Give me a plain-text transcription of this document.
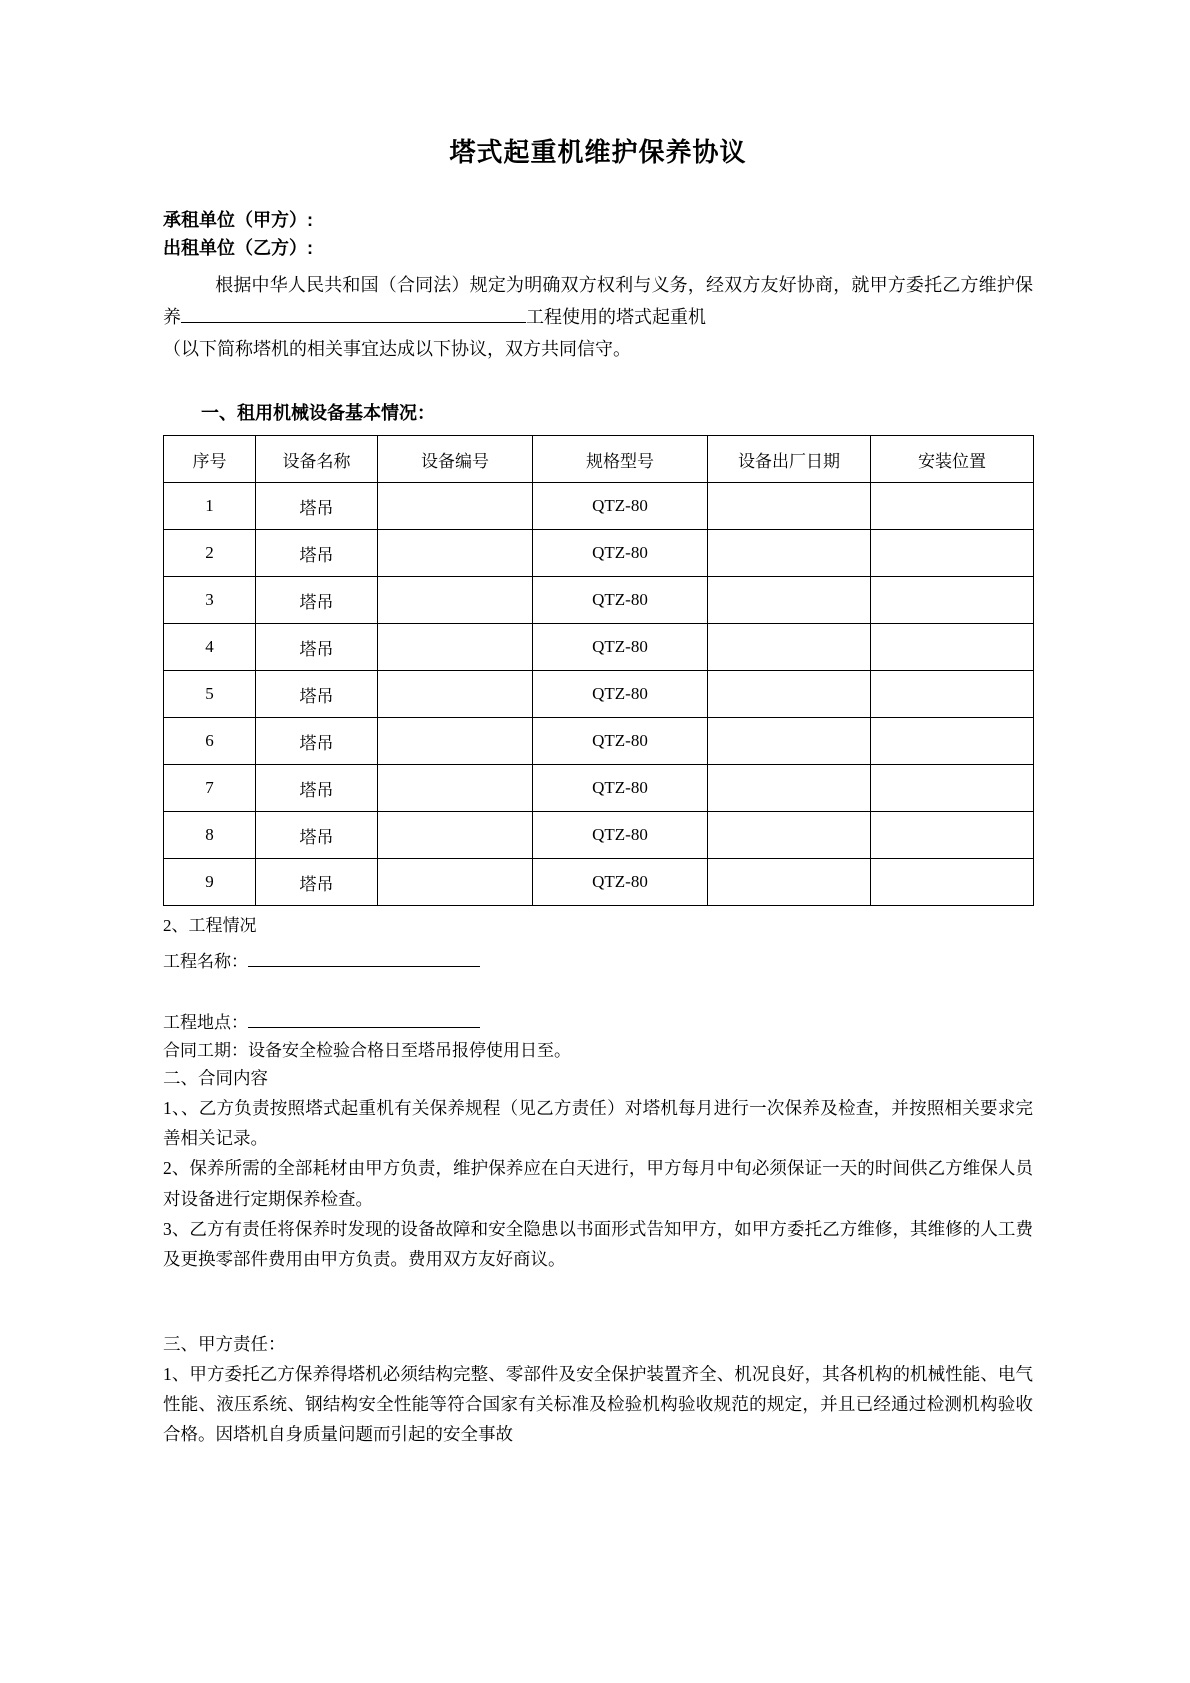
塔式起重机维护保养协议
承租单位（甲方）:
出租单位（乙方）:
根据中华人民共和国（合同法）规定为明确双方权利与义务，经双方友好协商，就甲方委托乙方维护保养	工程使用的塔式起重机
（以下简称塔机的相关事宜达成以下协议，双方共同信守。
一、租用机械设备基本情况：
序号	设备名称	设备编号	规格型号	设备出厂日期	安装位置
1	塔吊		QTZ-80		
2	塔吊		QTZ-80		
3	塔吊		QTZ-80		
4	塔吊		QTZ-80		
5	塔吊		QTZ-80		
6	塔吊		QTZ-80		
7	塔吊		QTZ-80		
8	塔吊		QTZ-80		
9	塔吊		QTZ-80		
2、工程情况
工程名称：
工程地点：
合同工期：设备安全检验合格日至塔吊报停使用日至。
二、合同内容
1、、乙方负责按照塔式起重机有关保养规程（见乙方责任）对塔机每月进行一次保养及检查，并按照相关要求完善相关记录。
2、保养所需的全部耗材由甲方负责，维护保养应在白天进行，甲方每月中旬必须保证一天的时间供乙方维保人员对设备进行定期保养检查。
3、乙方有责任将保养时发现的设备故障和安全隐患以书面形式告知甲方，如甲方委托乙方维修，其维修的人工费及更换零部件费用由甲方负责。费用双方友好商议。
三、甲方责任：
1、甲方委托乙方保养得塔机必须结构完整、零部件及安全保护装置齐全、机况良好，其各机构的机械性能、电气性能、液压系统、钢结构安全性能等符合国家有关标准及检验机构验收规范的规定，并且已经通过检测机构验收合格。因塔机自身质量问题而引起的安全事故
